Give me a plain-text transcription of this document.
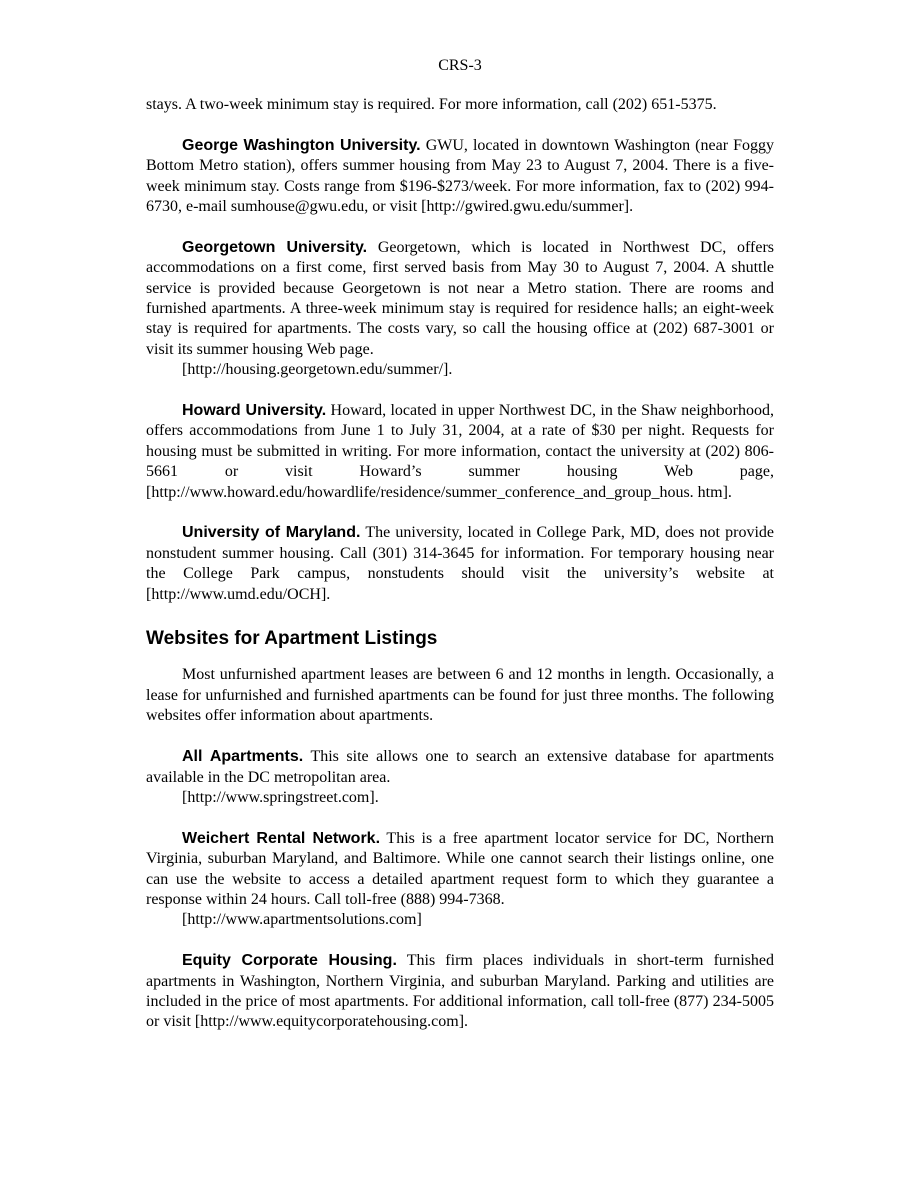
CRS-3

stays. A two-week minimum stay is required. For more information, call (202) 651-5375.

George Washington University. GWU, located in downtown Washington (near Foggy Bottom Metro station), offers summer housing from May 23 to August 7, 2004. There is a five-week minimum stay. Costs range from $196-$273/week. For more information, fax to (202) 994-6730, e-mail sumhouse@gwu.edu, or visit [http://gwired.gwu.edu/summer].

Georgetown University. Georgetown, which is located in Northwest DC, offers accommodations on a first come, first served basis from May 30 to August 7, 2004. A shuttle service is provided because Georgetown is not near a Metro station. There are rooms and furnished apartments. A three-week minimum stay is required for residence halls; an eight-week stay is required for apartments. The costs vary, so call the housing office at (202) 687-3001 or visit its summer housing Web page.
[http://housing.georgetown.edu/summer/].

Howard University. Howard, located in upper Northwest DC, in the Shaw neighborhood, offers accommodations from June 1 to July 31, 2004, at a rate of $30 per night. Requests for housing must be submitted in writing. For more information, contact the university at (202) 806-5661 or visit Howard’s summer housing Web page, [http://www.howard.edu/howardlife/residence/summer_conference_and_group_hous. htm].

University of Maryland. The university, located in College Park, MD, does not provide nonstudent summer housing. Call (301) 314-3645 for information. For temporary housing near the College Park campus, nonstudents should visit the university’s website at [http://www.umd.edu/OCH].

Websites for Apartment Listings

Most unfurnished apartment leases are between 6 and 12 months in length. Occasionally, a lease for unfurnished and furnished apartments can be found for just three months. The following websites offer information about apartments.

All Apartments. This site allows one to search an extensive database for apartments available in the DC metropolitan area.
[http://www.springstreet.com].

Weichert Rental Network. This is a free apartment locator service for DC, Northern Virginia, suburban Maryland, and Baltimore. While one cannot search their listings online, one can use the website to access a detailed apartment request form to which they guarantee a response within 24 hours. Call toll-free (888) 994-7368.
[http://www.apartmentsolutions.com]

Equity Corporate Housing. This firm places individuals in short-term furnished apartments in Washington, Northern Virginia, and suburban Maryland. Parking and utilities are included in the price of most apartments. For additional information, call toll-free (877) 234-5005 or visit [http://www.equitycorporatehousing.com].
